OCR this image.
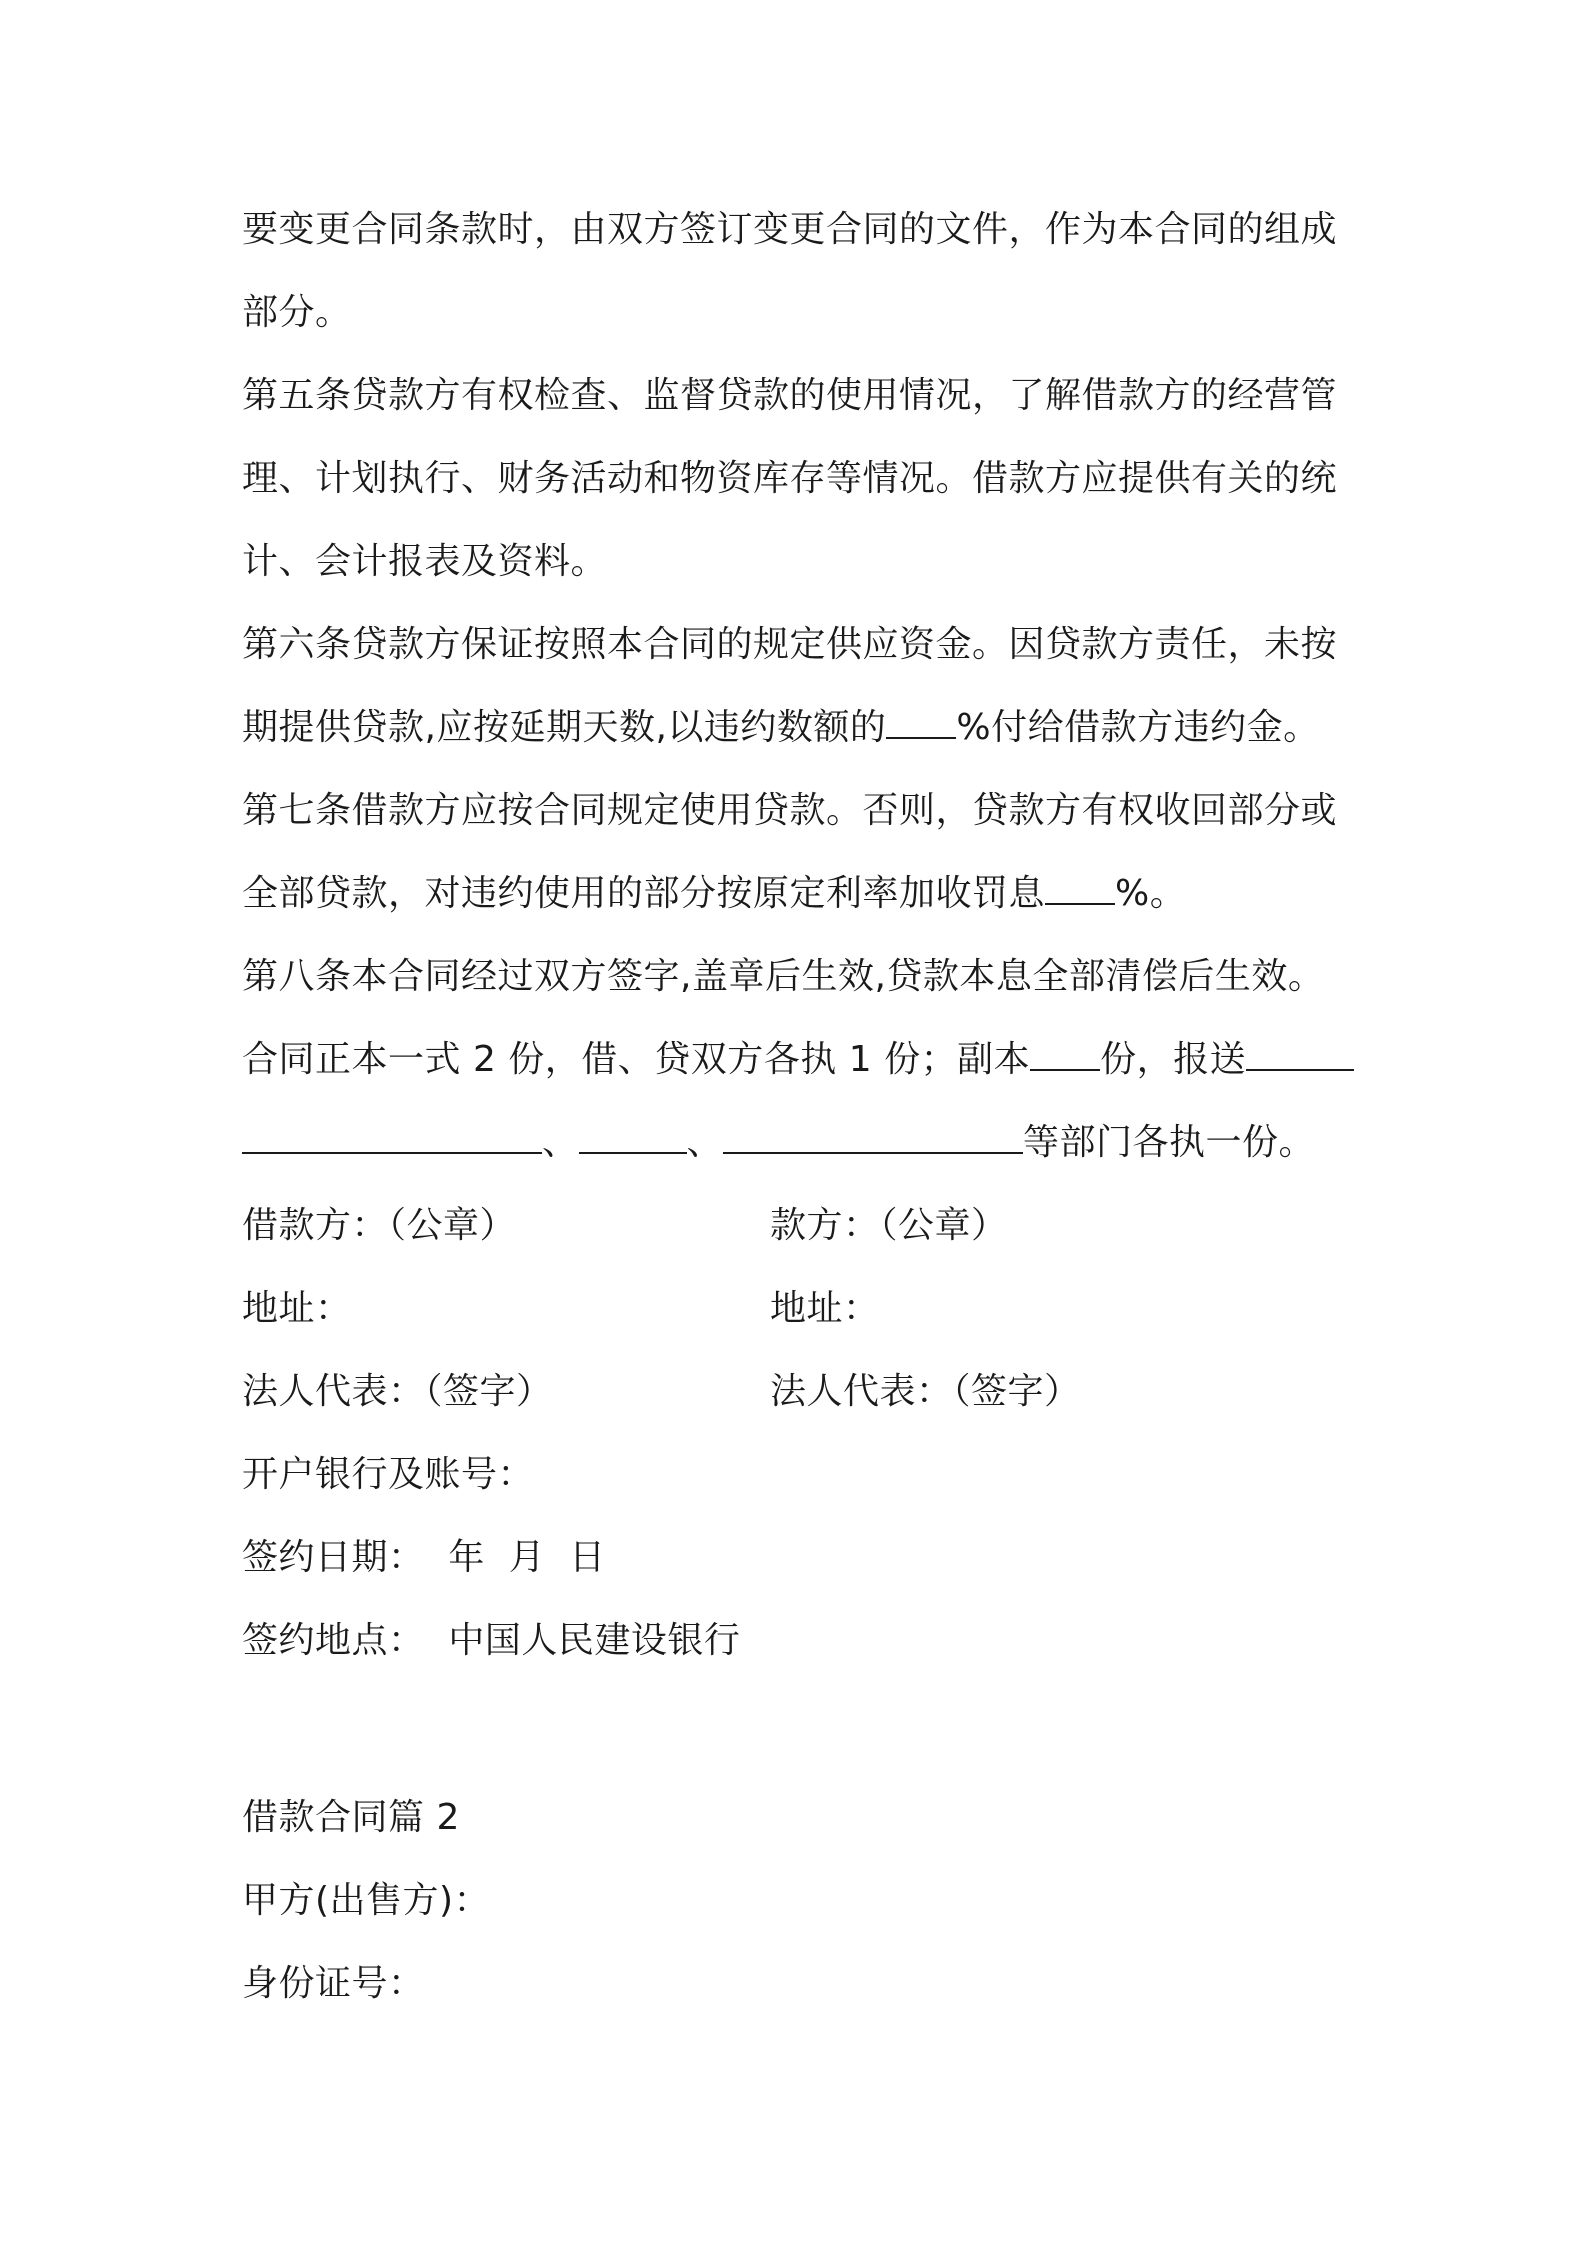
要变更合同条款时，由双方签订变更合同的文件，作为本合同的组成
部分。
第五条贷款方有权检查、监督贷款的使用情况，了解借款方的经营管
理、计划执行、财务活动和物资库存等情况。借款方应提供有关的统
计、会计报表及资料。
第六条贷款方保证按照本合同的规定供应资金。因贷款方责任，未按
期提供贷款,应按延期天数,以违约数额的 %付给借款方违约金。
第七条借款方应按合同规定使用贷款。否则，贷款方有权收回部分或
全部贷款，对违约使用的部分按原定利率加收罚息 %。
第八条本合同经过双方签字,盖章后生效,贷款本息全部清偿后生效。
合同正本一式 2 份，借、贷双方各执 1 份；副本 份，报送
、	、	等部门各执一份。
借款方：（公章）	款方：（公章）
地址：	地址：
法人代表：（签字）	法人代表：（签字）
开户银行及账号：
签约日期：  年  月  日
签约地点：  中国人民建设银行
借款合同篇 2
甲方(出售方)：
身份证号：
